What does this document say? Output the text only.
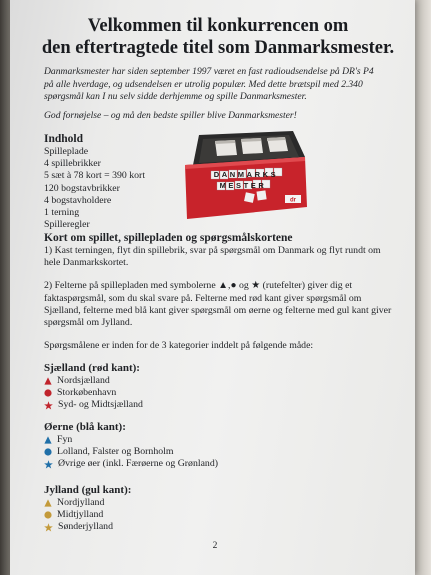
Velkommen til konkurrencen om
den eftertragtede titel som Danmarksmester.

Danmarksmester har siden september 1997 været en fast radioudsendelse på DR's P4 på alle hverdage, og udsendelsen er utrolig populær. Med dette brætspil med 2.340 spørgsmål kan I nu selv sidde derhjemme og spille Danmarksmester.

God fornøjelse – og må den bedste spiller blive Danmarksmester!

Indhold
Spilleplade
4 spillebrikker
5 sæt à 78 kort = 390 kort
120 bogstavbrikker
4 bogstavholdere
1 terning
Spilleregler
DANMARKS
MESTER
dr
Kort om spillet, spillepladen og spørgsmålskortene

1) Kast terningen, flyt din spillebrik, svar på spørgsmål om Danmark og flyt rundt om hele Danmarkskortet.

2) Felterne på spillepladen med symbolerne ▲,● og ★ (rutefelter) giver dig et faktaspørgsmål, som du skal svare på. Felterne med rød kant giver spørgsmål om Sjælland, felterne med blå kant giver spørgsmål om øerne og felterne med gul kant giver spørgsmål om Jylland.

Spørgsmålene er inden for de 3 kategorier inddelt på følgende måde:

Sjælland (rød kant):
Nordsjælland
Storkøbenhavn
Syd- og Midtsjælland
Øerne (blå kant):
Fyn
Lolland, Falster og Bornholm
Øvrige øer (inkl. Færøerne og Grønland)
Jylland (gul kant):
Nordjylland
Midtjylland
Sønderjylland
2
